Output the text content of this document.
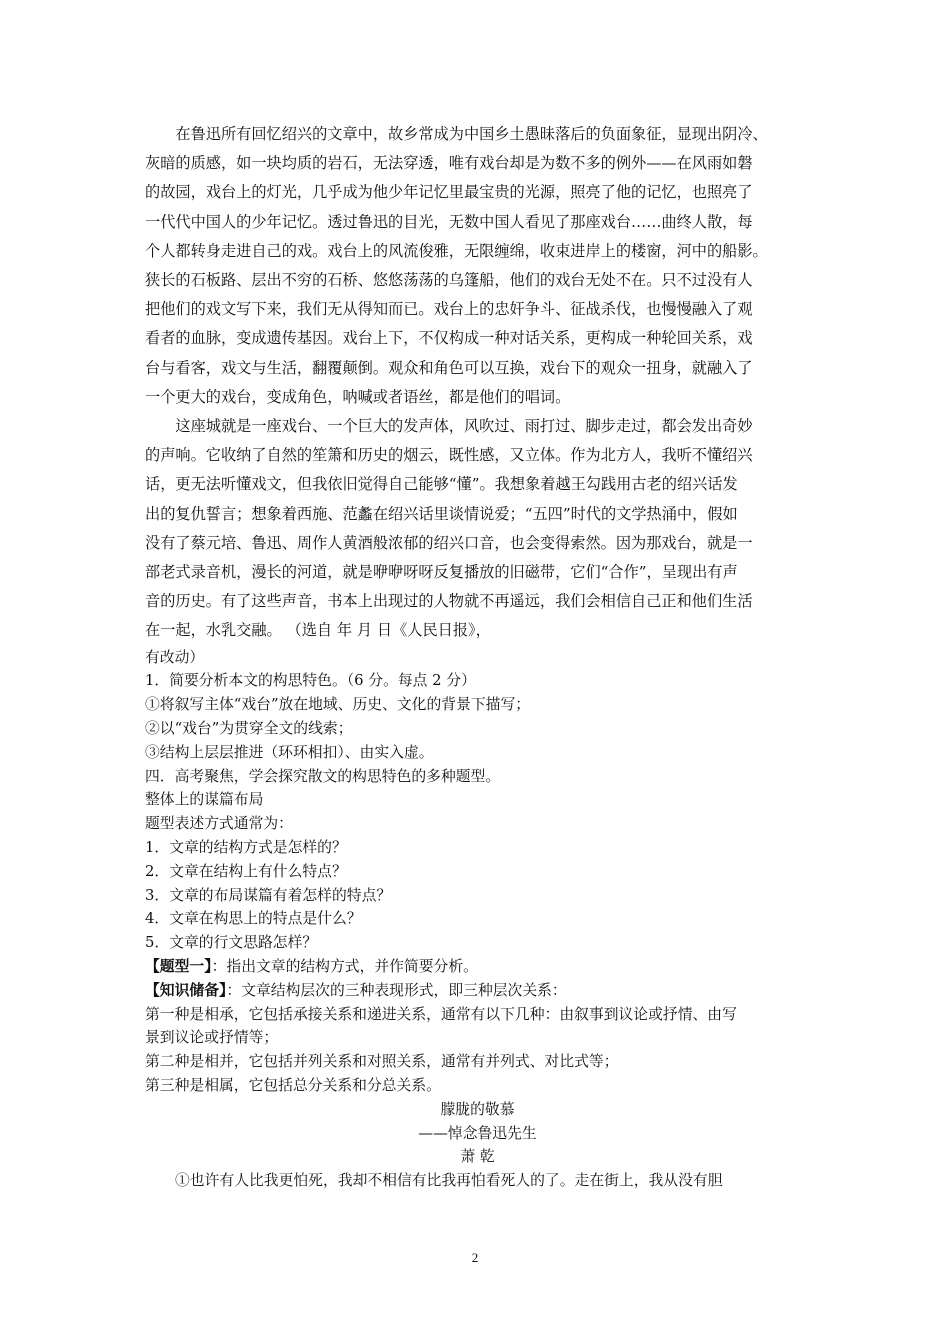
在鲁迅所有回忆绍兴的文章中，故乡常成为中国乡土愚昧落后的负面象征，显现出阴冷、
灰暗的质感，如一块均质的岩石，无法穿透，唯有戏台却是为数不多的例外——在风雨如磐
的故园，戏台上的灯光，几乎成为他少年记忆里最宝贵的光源，照亮了他的记忆，也照亮了
一代代中国人的少年记忆。透过鲁迅的目光，无数中国人看见了那座戏台……曲终人散，每
个人都转身走进自己的戏。戏台上的风流俊雅，无限缠绵，收束进岸上的楼窗，河中的船影。
狭长的石板路、层出不穷的石桥、悠悠荡荡的乌篷船，他们的戏台无处不在。只不过没有人
把他们的戏文写下来，我们无从得知而已。戏台上的忠奸争斗、征战杀伐，也慢慢融入了观
看者的血脉，变成遗传基因。戏台上下，不仅构成一种对话关系，更构成一种轮回关系，戏
台与看客，戏文与生活，翻覆颠倒。观众和角色可以互换，戏台下的观众一扭身，就融入了
一个更大的戏台，变成角色，呐喊或者语丝，都是他们的唱词。
这座城就是一座戏台、一个巨大的发声体，风吹过、雨打过、脚步走过，都会发出奇妙
的声响。它收纳了自然的笙箫和历史的烟云，既性感，又立体。作为北方人，我听不懂绍兴
话，更无法听懂戏文，但我依旧觉得自己能够“懂”。我想象着越王勾践用古老的绍兴话发
出的复仇誓言；想象着西施、范蠡在绍兴话里谈情说爱；“五四”时代的文学热涌中，假如
没有了蔡元培、鲁迅、周作人黄酒般浓郁的绍兴口音，也会变得索然。因为那戏台，就是一
部老式录音机，漫长的河道，就是咿咿呀呀反复播放的旧磁带，它们“合作”，呈现出有声
音的历史。有了这些声音，书本上出现过的人物就不再遥远，我们会相信自己正和他们生活
在一起，水乳交融。 （选自 年 月 日《人民日报》，

有改动）

1．简要分析本文的构思特色。（6 分。每点 2 分）

①将叙写主体“戏台”放在地域、历史、文化的背景下描写；

②以“戏台”为贯穿全文的线索；

③结构上层层推进（环环相扣）、由实入虚。

四．高考聚焦，学会探究散文的构思特色的多种题型。

整体上的谋篇布局

题型表述方式通常为：

1．文章的结构方式是怎样的？

2．文章在结构上有什么特点？

3．文章的布局谋篇有着怎样的特点？

4．文章在构思上的特点是什么？

5．文章的行文思路怎样？

【题型一】：指出文章的结构方式，并作简要分析。

【知识储备】：文章结构层次的三种表现形式，即三种层次关系：

第一种是相承，它包括承接关系和递进关系，通常有以下几种：由叙事到议论或抒情、由写

景到议论或抒情等；

第二种是相并，它包括并列关系和对照关系，通常有并列式、对比式等；

第三种是相属，它包括总分关系和分总关系。

朦胧的敬慕

——悼念鲁迅先生

萧 乾

①也许有人比我更怕死，我却不相信有比我再怕看死人的了。走在街上，我从没有胆

2
